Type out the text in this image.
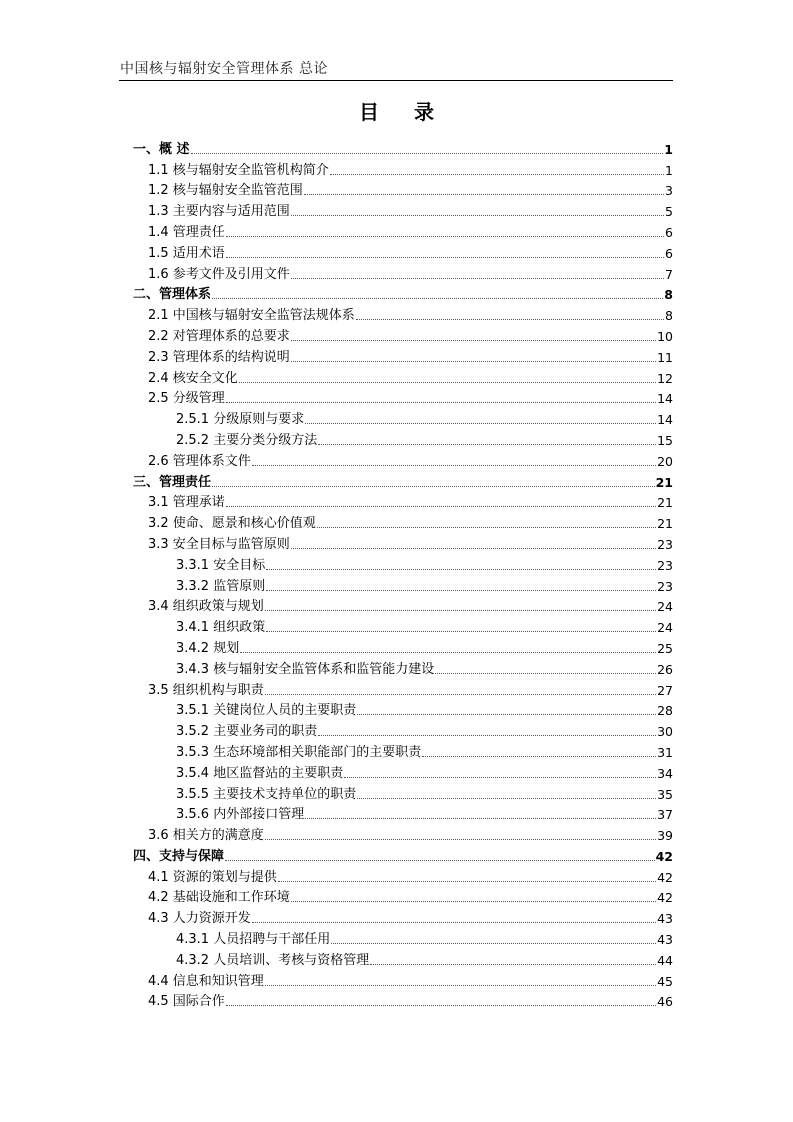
中国核与辐射安全管理体系 总论
目 录
一、概 述	1
1.1 核与辐射安全监管机构简介	1
1.2 核与辐射安全监管范围	3
1.3 主要内容与适用范围	5
1.4 管理责任	6
1.5 适用术语	6
1.6 参考文件及引用文件	7
二、管理体系	8
2.1 中国核与辐射安全监管法规体系	8
2.2 对管理体系的总要求	10
2.3 管理体系的结构说明	11
2.4 核安全文化	12
2.5 分级管理	14
2.5.1 分级原则与要求	14
2.5.2 主要分类分级方法	15
2.6 管理体系文件	20
三、管理责任	21
3.1 管理承诺	21
3.2 使命、愿景和核心价值观	21
3.3 安全目标与监管原则	23
3.3.1 安全目标	23
3.3.2 监管原则	23
3.4 组织政策与规划	24
3.4.1 组织政策	24
3.4.2 规划	25
3.4.3 核与辐射安全监管体系和监管能力建设	26
3.5 组织机构与职责	27
3.5.1 关键岗位人员的主要职责	28
3.5.2 主要业务司的职责	30
3.5.3 生态环境部相关职能部门的主要职责	31
3.5.4 地区监督站的主要职责	34
3.5.5 主要技术支持单位的职责	35
3.5.6 内外部接口管理	37
3.6 相关方的满意度	39
四、支持与保障	42
4.1 资源的策划与提供	42
4.2 基础设施和工作环境	42
4.3 人力资源开发	43
4.3.1 人员招聘与干部任用	43
4.3.2 人员培训、考核与资格管理	44
4.4 信息和知识管理	45
4.5 国际合作	46
